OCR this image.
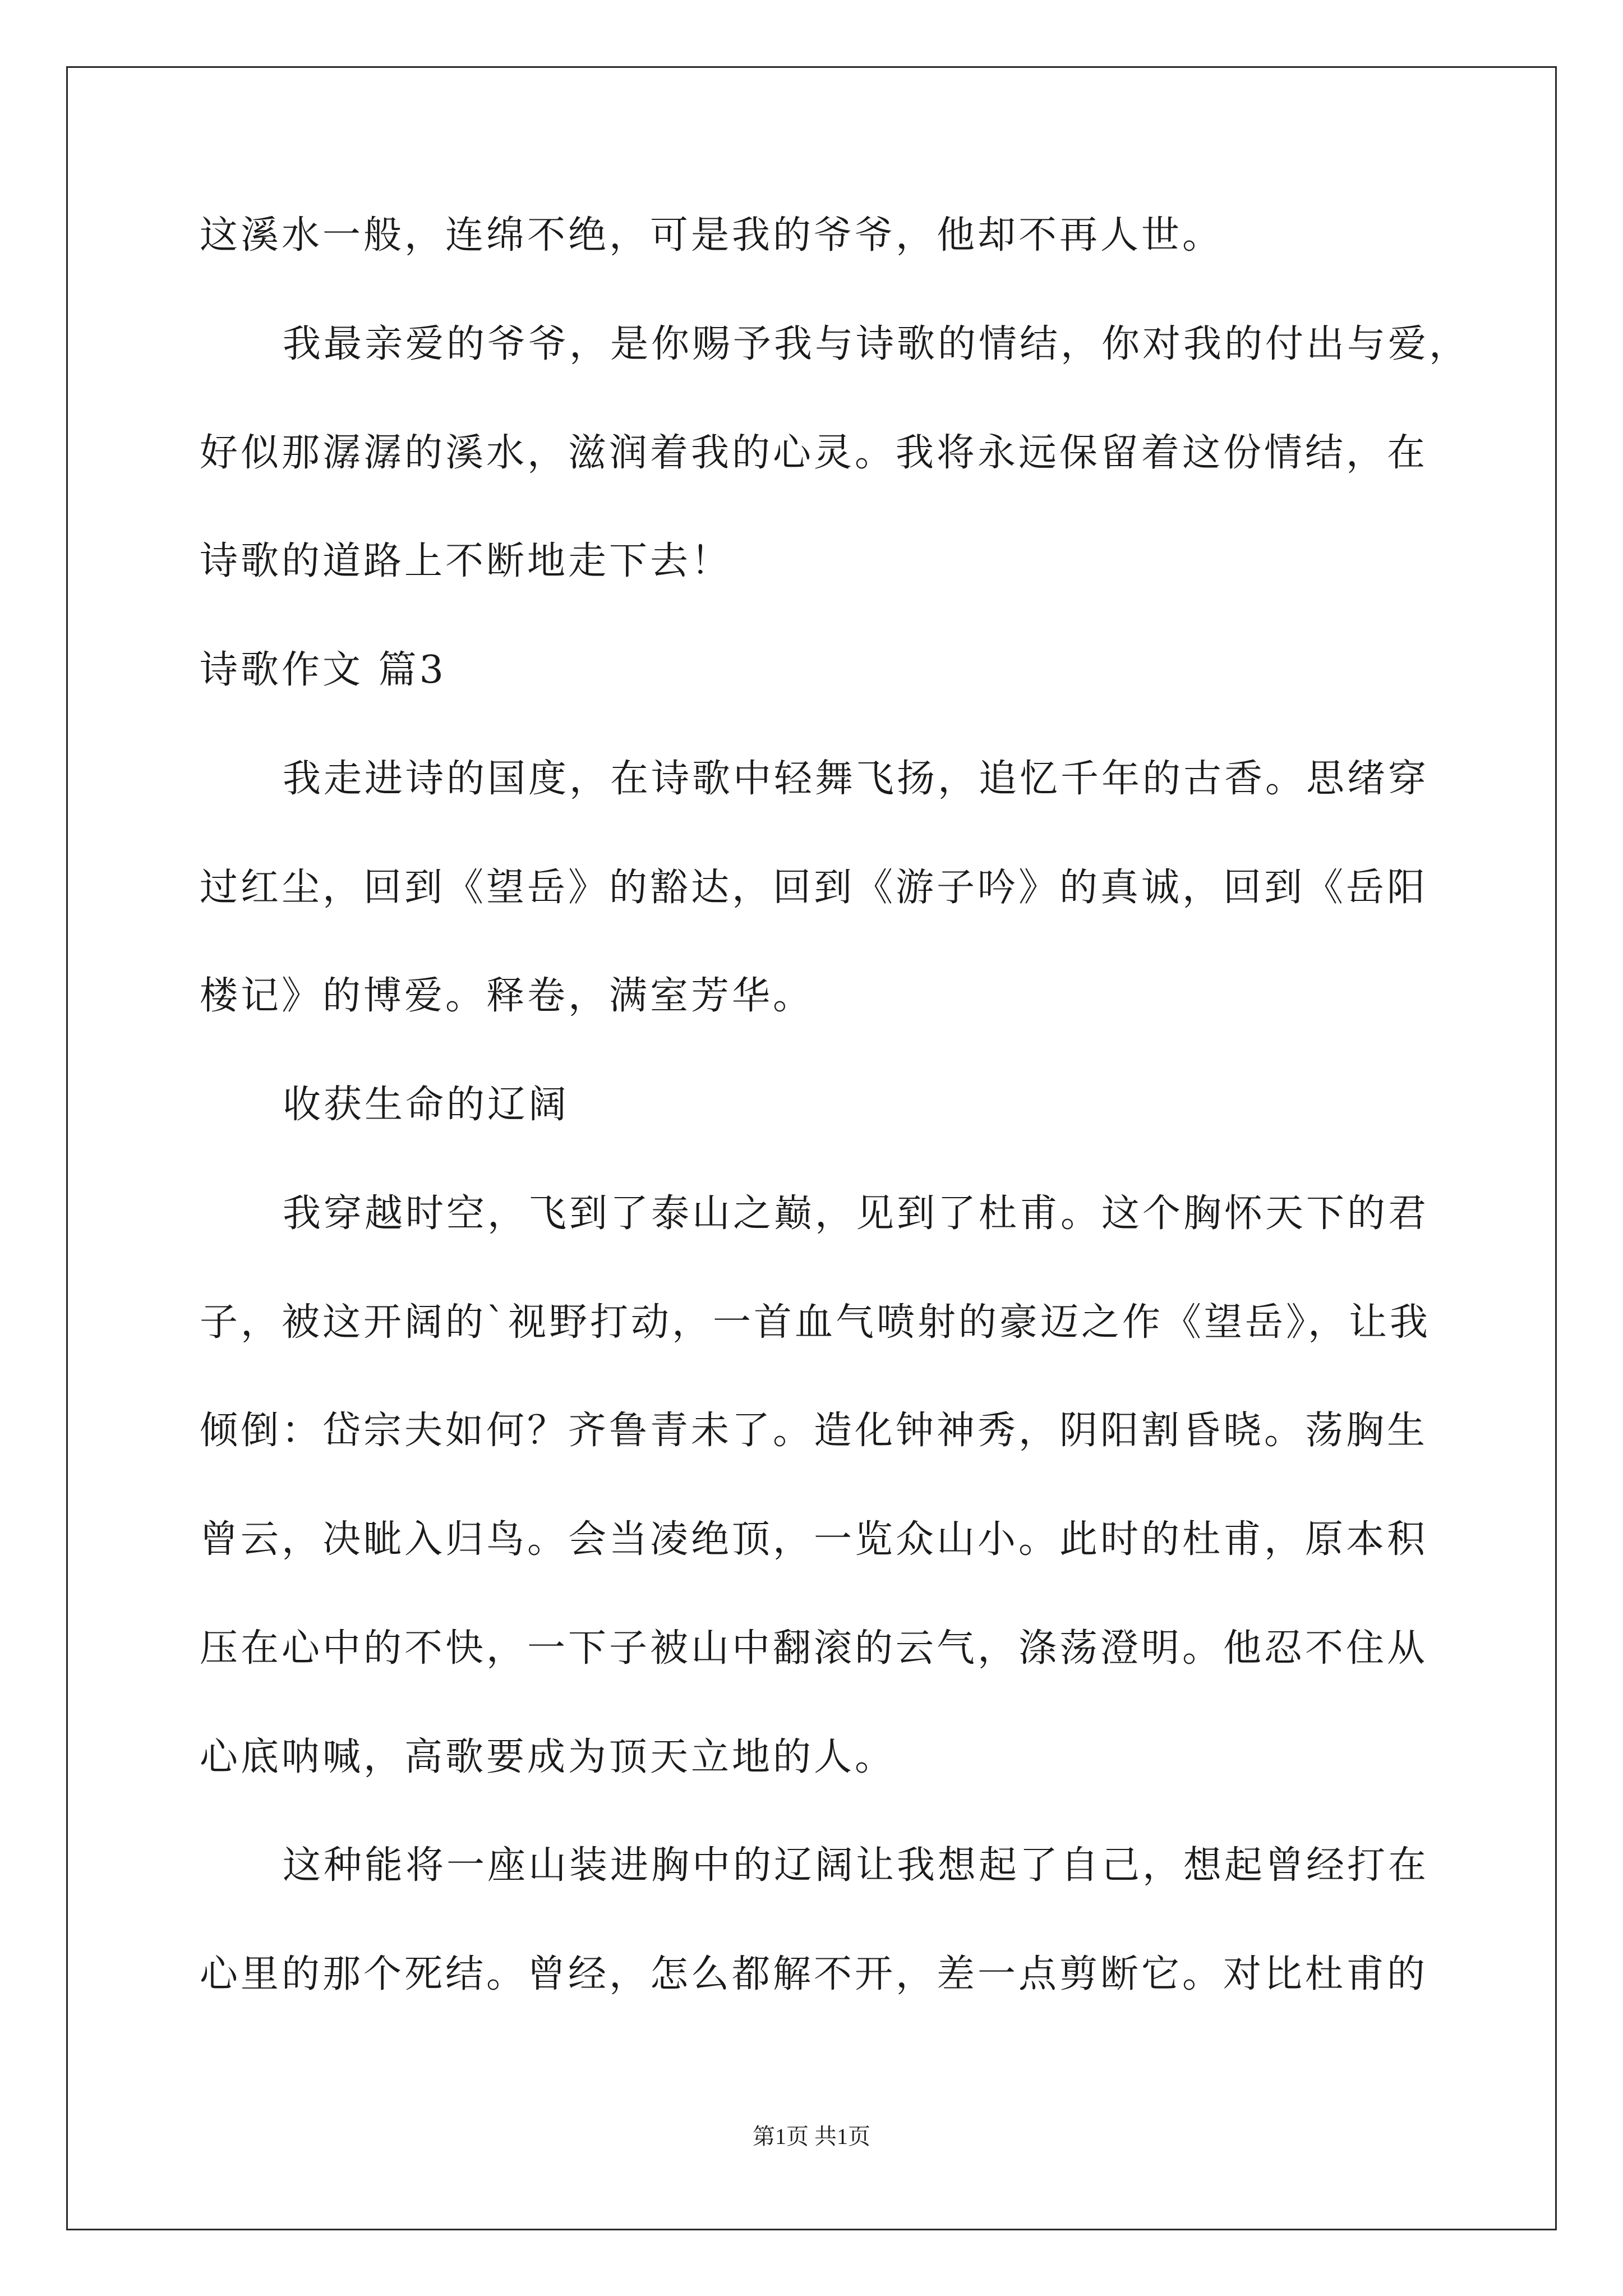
这溪水一般，连绵不绝，可是我的爷爷，他却不再人世。
我最亲爱的爷爷，是你赐予我与诗歌的情结，你对我的付出与爱，
好似那潺潺的溪水，滋润着我的心灵。我将永远保留着这份情结，在
诗歌的道路上不断地走下去！
诗歌作文 篇3
我走进诗的国度，在诗歌中轻舞飞扬，追忆千年的古香。思绪穿
过红尘，回到《望岳》的豁达，回到《游子吟》的真诚，回到《岳阳
楼记》的博爱。释卷，满室芳华。
收获生命的辽阔
我穿越时空，飞到了泰山之巅，见到了杜甫。这个胸怀天下的君
子，被这开阔的`视野打动，一首血气喷射的豪迈之作《望岳》，让我
倾倒：岱宗夫如何？齐鲁青未了。造化钟神秀，阴阳割昏晓。荡胸生
曾云，决眦入归鸟。会当凌绝顶，一览众山小。此时的杜甫，原本积
压在心中的不快，一下子被山中翻滚的云气，涤荡澄明。他忍不住从
心底呐喊，高歌要成为顶天立地的人。
这种能将一座山装进胸中的辽阔让我想起了自己，想起曾经打在
心里的那个死结。曾经，怎么都解不开，差一点剪断它。对比杜甫的
第1页 共1页
